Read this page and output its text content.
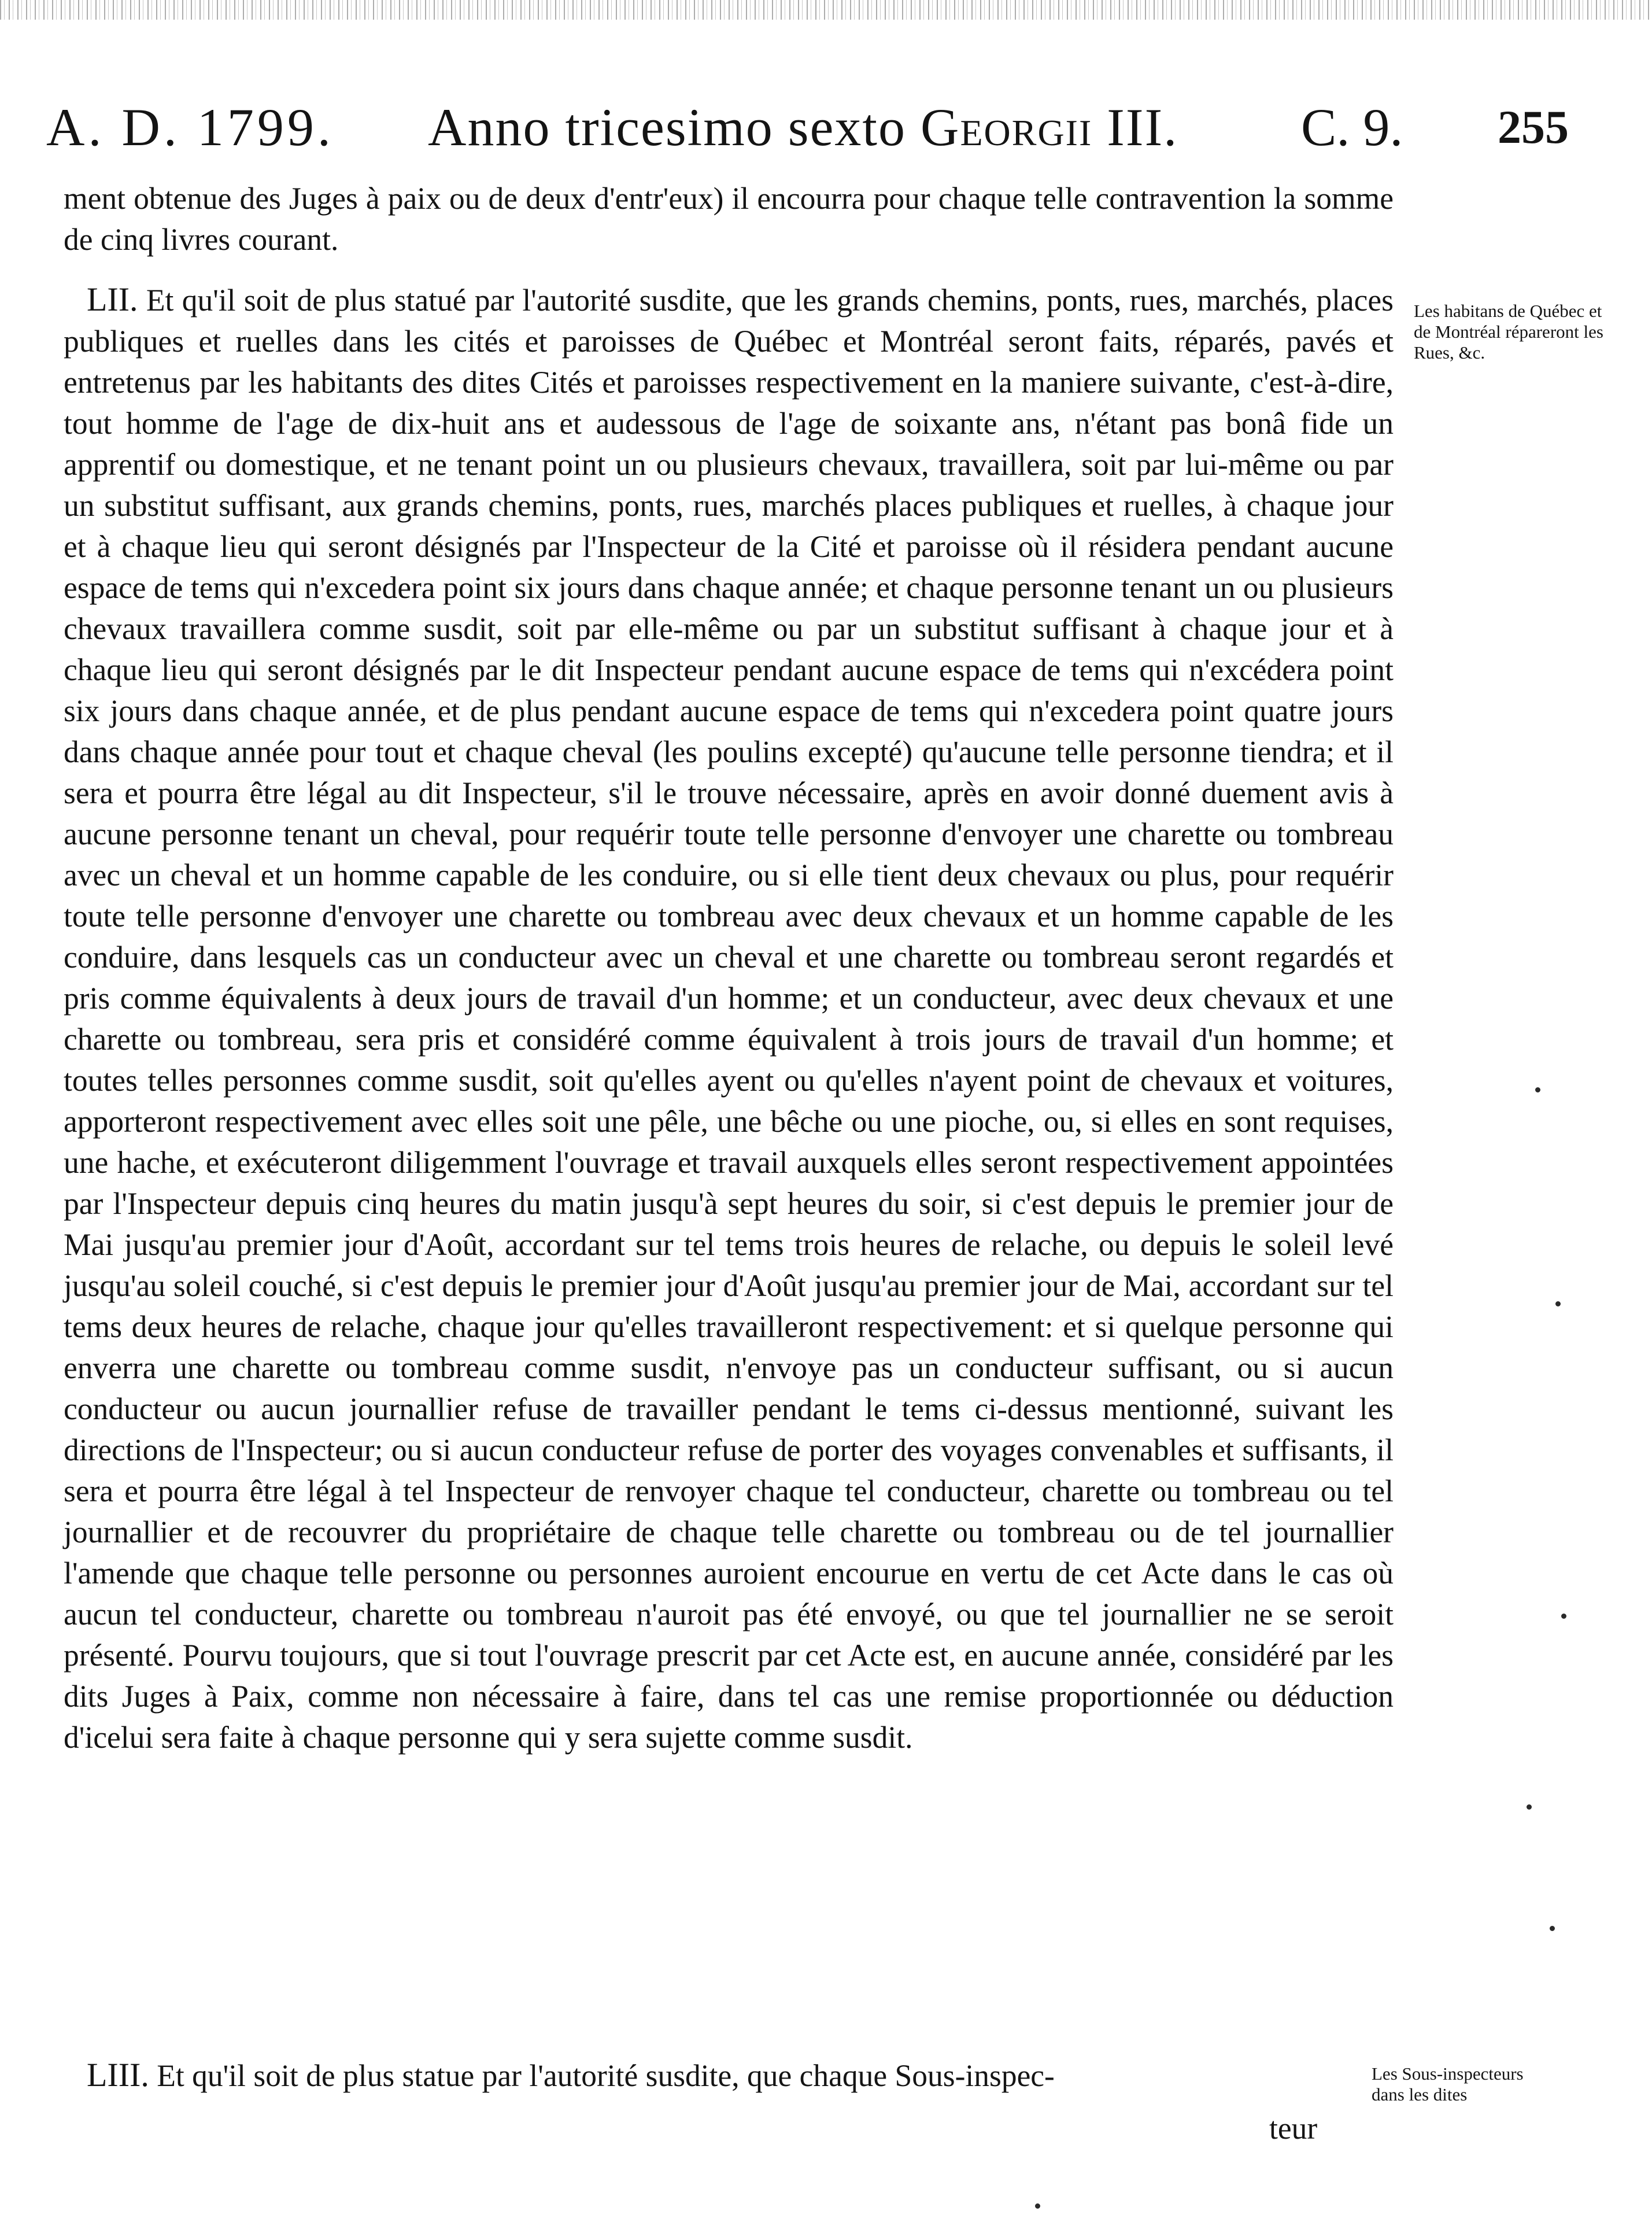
A. D. 1799. Anno tricesimo sexto Georgii III. C. 9. 255

ment obtenue des Juges à paix ou de deux d'entr'eux) il encourra pour chaque telle contravention la somme de cinq livres courant.

LII. Et qu'il soit de plus statué par l'autorité susdite, que les grands chemins, ponts, rues, marchés, places publiques et ruelles dans les cités et paroisses de Québec et Montréal seront faits, réparés, pavés et entretenus par les habitants des dites Cités et paroisses respectivement en la maniere suivante, c'est-à-dire, tout homme de l'age de dix-huit ans et audessous de l'age de soixante ans, n'étant pas bonâ fide un apprentif ou domestique, et ne tenant point un ou plusieurs chevaux, travaillera, soit par lui-même ou par un substitut suffisant, aux grands chemins, ponts, rues, marchés places publiques et ruelles, à chaque jour et à chaque lieu qui seront désignés par l'Inspecteur de la Cité et paroisse où il résidera pendant aucune espace de tems qui n'excedera point six jours dans chaque année; et chaque personne tenant un ou plusieurs chevaux travaillera comme susdit, soit par elle-même ou par un substitut suffisant à chaque jour et à chaque lieu qui seront désignés par le dit Inspecteur pendant aucune espace de tems qui n'excédera point six jours dans chaque année, et de plus pendant aucune espace de tems qui n'excedera point quatre jours dans chaque année pour tout et chaque cheval (les poulins excepté) qu'aucune telle personne tiendra; et il sera et pourra être légal au dit Inspecteur, s'il le trouve nécessaire, après en avoir donné duement avis à aucune personne tenant un cheval, pour requérir toute telle personne d'envoyer une charette ou tombreau avec un cheval et un homme capable de les conduire, ou si elle tient deux chevaux ou plus, pour requérir toute telle personne d'envoyer une charette ou tombreau avec deux chevaux et un homme capable de les conduire, dans lesquels cas un conducteur avec un cheval et une charette ou tombreau seront regardés et pris comme équivalents à deux jours de travail d'un homme; et un conducteur, avec deux chevaux et une charette ou tombreau, sera pris et considéré comme équivalent à trois jours de travail d'un homme; et toutes telles personnes comme susdit, soit qu'elles ayent ou qu'elles n'ayent point de chevaux et voitures, apporteront respectivement avec elles soit une pêle, une bêche ou une pioche, ou, si elles en sont requises, une hache, et exécuteront diligemment l'ouvrage et travail auxquels elles seront respectivement appointées par l'Inspecteur depuis cinq heures du matin jusqu'à sept heures du soir, si c'est depuis le premier jour de Mai jusqu'au premier jour d'Août, accordant sur tel tems trois heures de relache, ou depuis le soleil levé jusqu'au soleil couché, si c'est depuis le premier jour d'Août jusqu'au premier jour de Mai, accordant sur tel tems deux heures de relache, chaque jour qu'elles travailleront respectivement: et si quelque personne qui enverra une charette ou tombreau comme susdit, n'envoye pas un conducteur suffisant, ou si aucun conducteur ou aucun journallier refuse de travailler pendant le tems ci-dessus mentionné, suivant les directions de l'Inspecteur; ou si aucun conducteur refuse de porter des voyages convenables et suffisants, il sera et pourra être légal à tel Inspecteur de renvoyer chaque tel conducteur, charette ou tombreau ou tel journallier et de recouvrer du propriétaire de chaque telle charette ou tombreau ou de tel journallier l'amende que chaque telle personne ou personnes auroient encourue en vertu de cet Acte dans le cas où aucun tel conducteur, charette ou tombreau n'auroit pas été envoyé, ou que tel journallier ne se seroit présenté. Pourvu toujours, que si tout l'ouvrage prescrit par cet Acte est, en aucune année, considéré par les dits Juges à Paix, comme non nécessaire à faire, dans tel cas une remise proportionnée ou déduction d'icelui sera faite à chaque personne qui y sera sujette comme susdit.

Les habitans de Québec et de Montréal répareront les Rues, &c.

LIII. Et qu'il soit de plus statue par l'autorité susdite, que chaque Sous-inspec-	Les Sous-inspecteurs dans les dites

teur
